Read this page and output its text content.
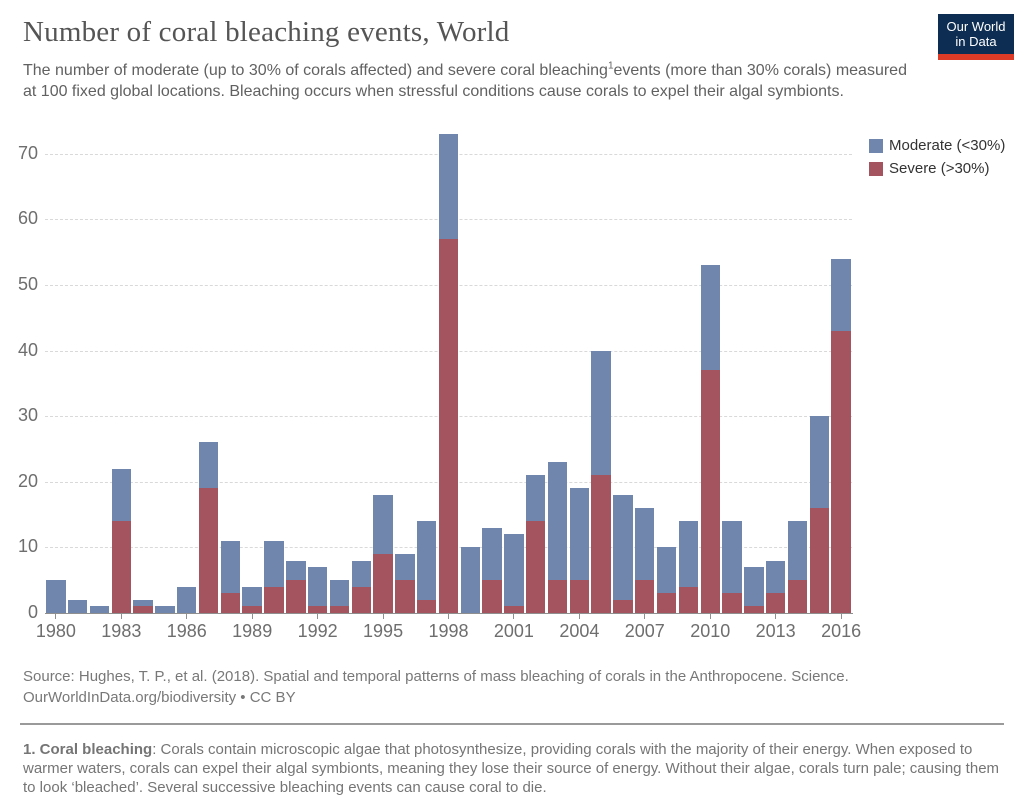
Number of coral bleaching events, World

The number of moderate (up to 30% of corals affected) and severe coral bleaching$^1$events (more than 30% corals) measured at 100 fixed global locations. Bleaching occurs when stressful conditions cause corals to expel their algal symbionts.

Our World
in Data
Moderate (<30%)
Severe (>30%)
0
10
20
30
40
50
60
70
1980	1983	1986	1989	1992	1995	1998	2001	2004	2007	2010	2013	2016

Source: Hughes, T. P., et al. (2018). Spatial and temporal patterns of mass bleaching of corals in the Anthropocene. Science.
OurWorldInData.org/biodiversity • CC BY

1. Coral bleaching: Corals contain microscopic algae that photosynthesize, providing corals with the majority of their energy. When exposed to warmer waters, corals can expel their algal symbionts, meaning they lose their source of energy. Without their algae, corals turn pale; causing them to look ‘bleached’. Several successive bleaching events can cause coral to die.
